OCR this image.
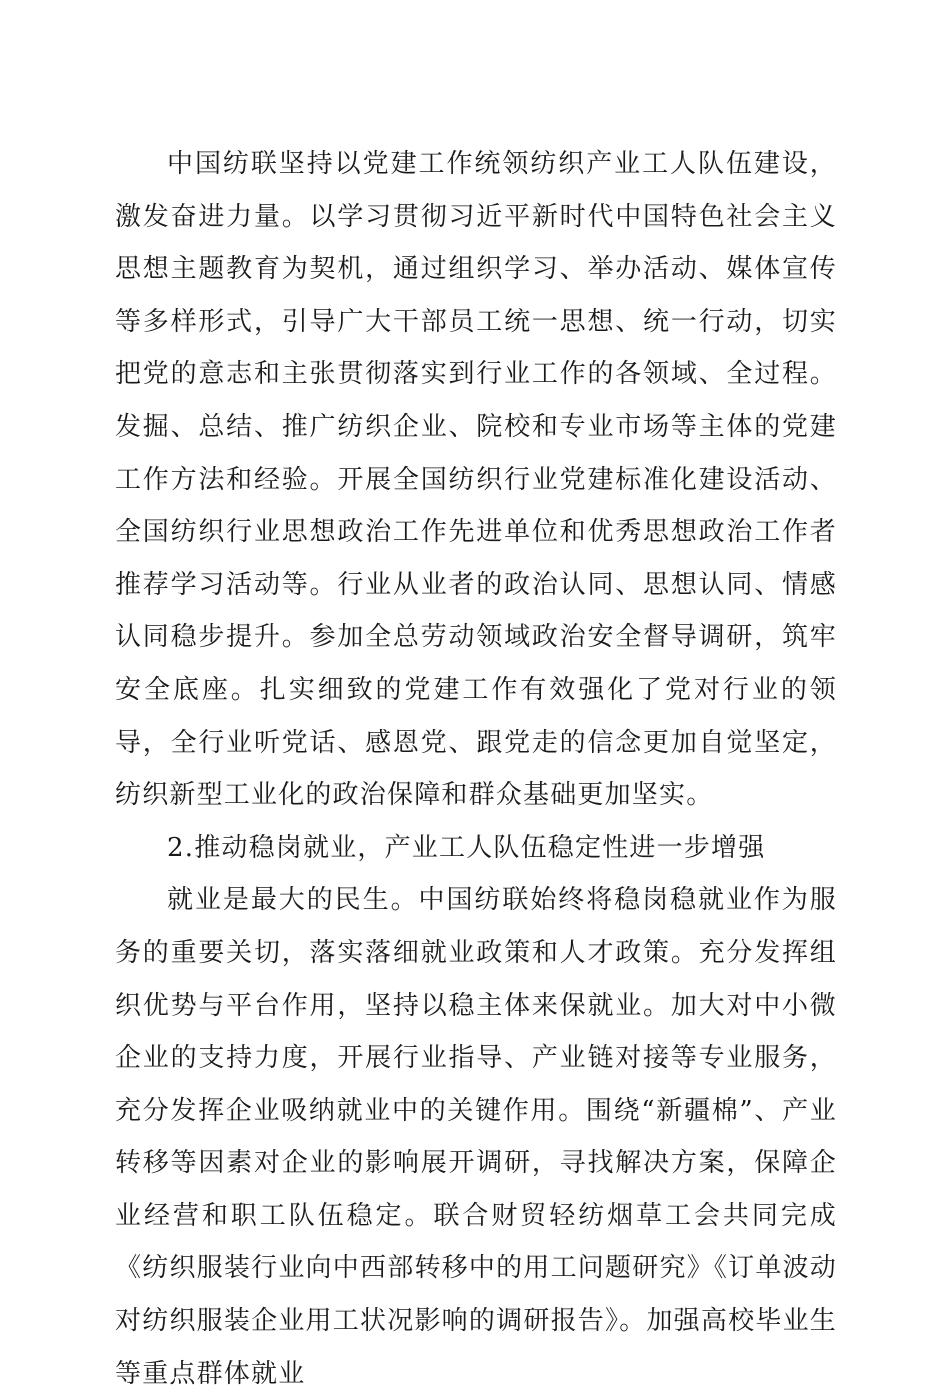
中国纺联坚持以党建工作统领纺织产业工人队伍建设，激发奋进力量。以学习贯彻习近平新时代中国特色社会主义思想主题教育为契机，通过组织学习、举办活动、媒体宣传等多样形式，引导广大干部员工统一思想、统一行动，切实把党的意志和主张贯彻落实到行业工作的各领域、全过程。发掘、总结、推广纺织企业、院校和专业市场等主体的党建工作方法和经验。开展全国纺织行业党建标准化建设活动、全国纺织行业思想政治工作先进单位和优秀思想政治工作者推荐学习活动等。行业从业者的政治认同、思想认同、情感认同稳步提升。参加全总劳动领域政治安全督导调研，筑牢安全底座。扎实细致的党建工作有效强化了党对行业的领导，全行业听党话、感恩党、跟党走的信念更加自觉坚定，纺织新型工业化的政治保障和群众基础更加坚实。

2.推动稳岗就业，产业工人队伍稳定性进一步增强

就业是最大的民生。中国纺联始终将稳岗稳就业作为服务的重要关切，落实落细就业政策和人才政策。充分发挥组织优势与平台作用，坚持以稳主体来保就业。加大对中小微企业的支持力度，开展行业指导、产业链对接等专业服务，充分发挥企业吸纳就业中的关键作用。围绕“新疆棉”、产业转移等因素对企业的影响展开调研，寻找解决方案，保障企业经营和职工队伍稳定。联合财贸轻纺烟草工会共同完成《纺织服装行业向中西部转移中的用工问题研究》《订单波动对纺织服装企业用工状况影响的调研报告》。加强高校毕业生等重点群体就业
